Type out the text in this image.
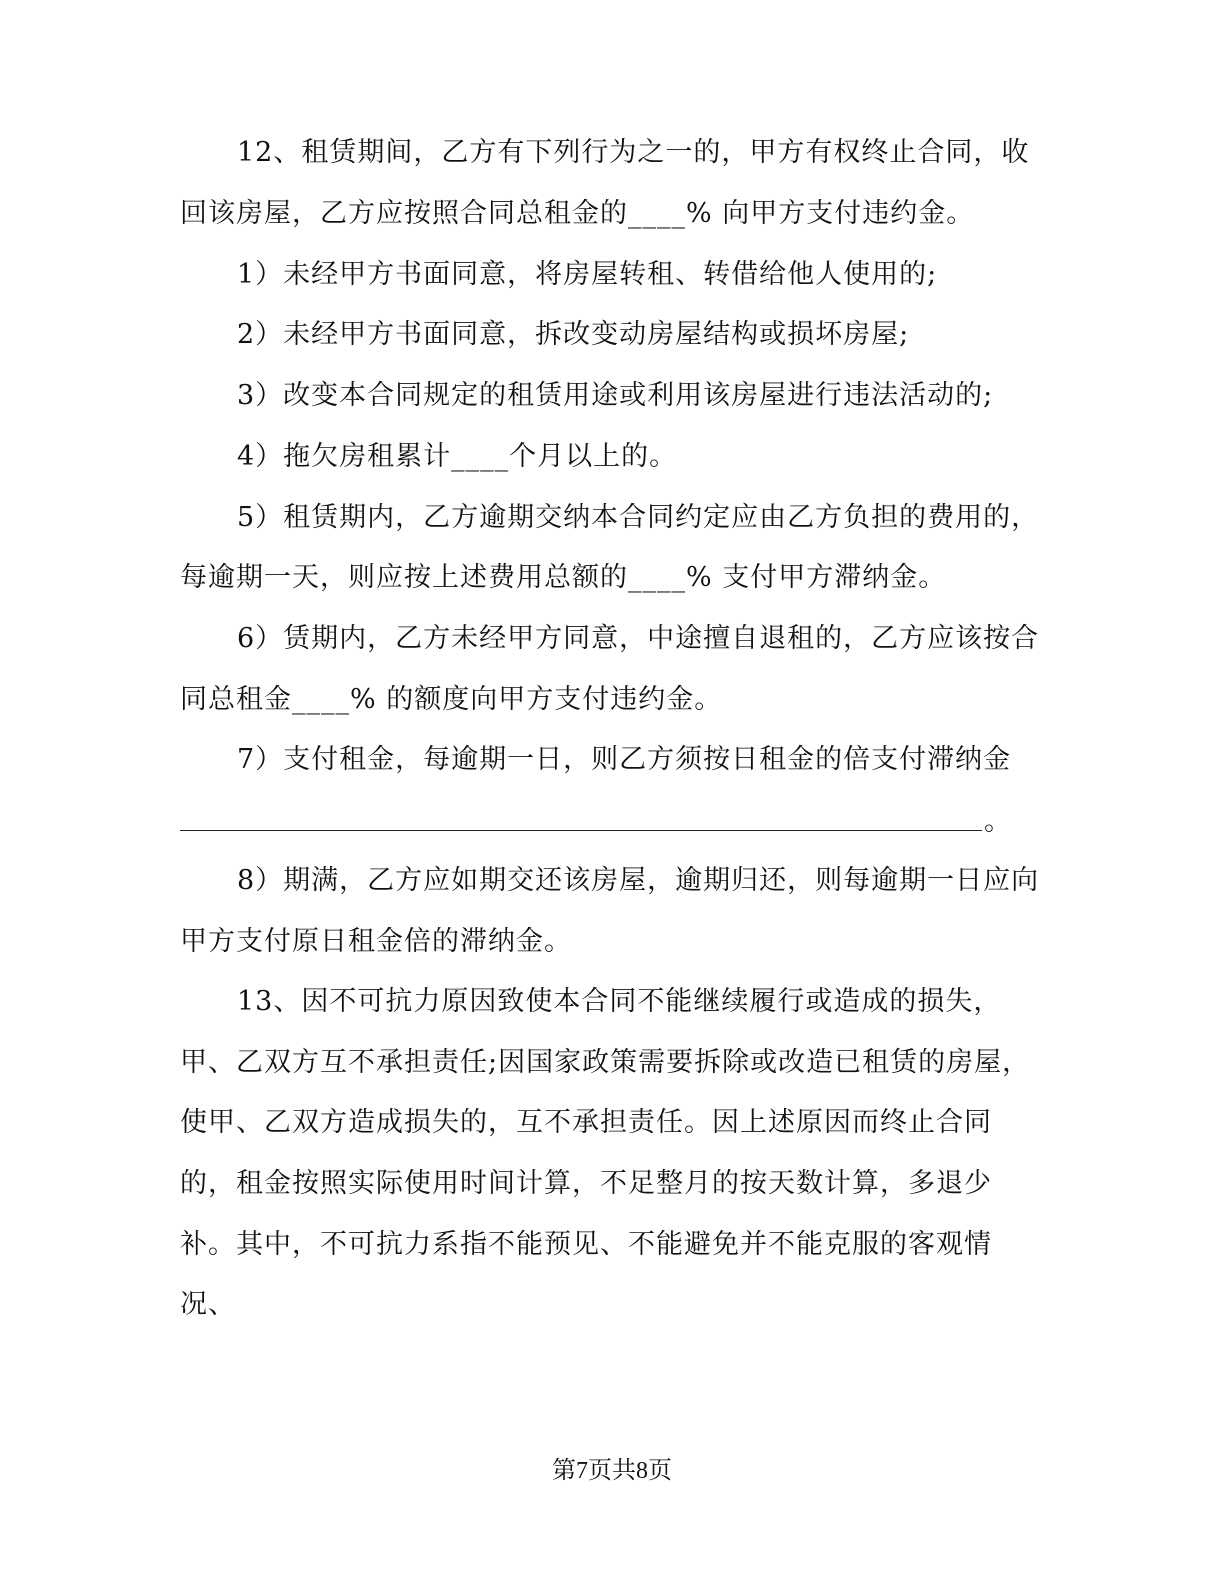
12、租赁期间，乙方有下列行为之一的，甲方有权终止合同，收
回该房屋，乙方应按照合同总租金的____% 向甲方支付违约金。
1）未经甲方书面同意，将房屋转租、转借给他人使用的;
2）未经甲方书面同意，拆改变动房屋结构或损坏房屋;
3）改变本合同规定的租赁用途或利用该房屋进行违法活动的;
4）拖欠房租累计____个月以上的。
5）租赁期内，乙方逾期交纳本合同约定应由乙方负担的费用的，
每逾期一天，则应按上述费用总额的____% 支付甲方滞纳金。
6）赁期内，乙方未经甲方同意，中途擅自退租的，乙方应该按合
同总租金____% 的额度向甲方支付违约金。
7）支付租金，每逾期一日，则乙方须按日租金的倍支付滞纳金
。
8）期满，乙方应如期交还该房屋，逾期归还，则每逾期一日应向
甲方支付原日租金倍的滞纳金。
13、因不可抗力原因致使本合同不能继续履行或造成的损失，
甲、乙双方互不承担责任;因国家政策需要拆除或改造已租赁的房屋，
使甲、乙双方造成损失的，互不承担责任。因上述原因而终止合同
的，租金按照实际使用时间计算，不足整月的按天数计算，多退少
补。其中，不可抗力系指不能预见、不能避免并不能克服的客观情
况、
第7页共8页
